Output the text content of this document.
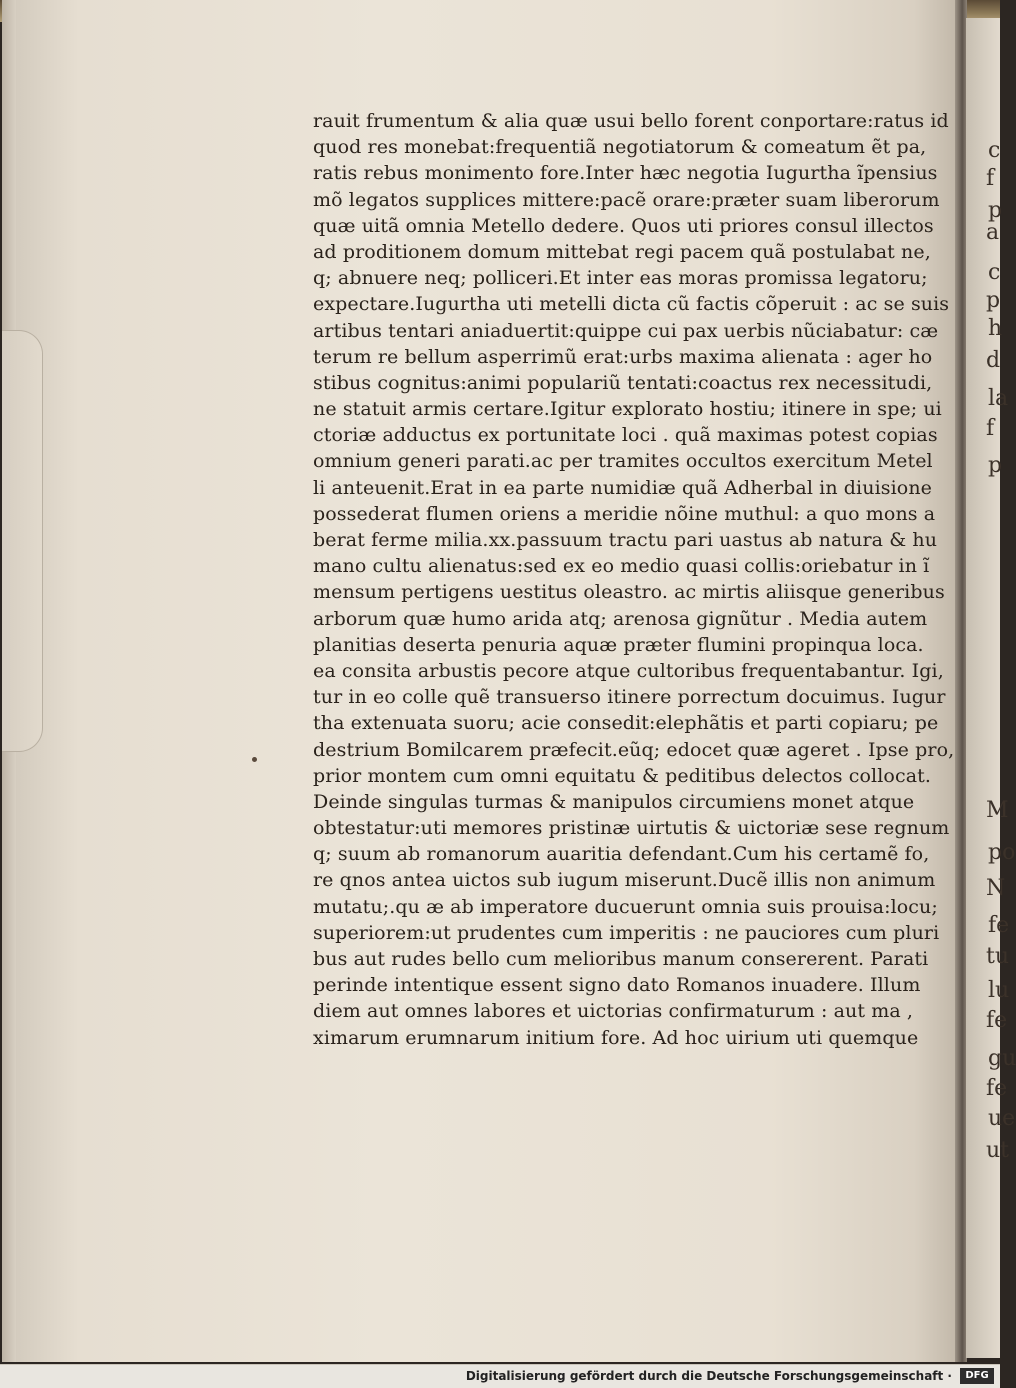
rauit frumentum & alia quæ usui bello forent conportare:ratus id
quod res monebat:frequentiã negotiatorum & comeatum ẽt pa,
ratis rebus monimento fore.Inter hæc negotia Iugurtha ĩpensius
mõ legatos supplices mittere:pacẽ orare:præter suam liberorum
quæ uitã omnia Metello dedere. Quos uti priores consul illectos
ad proditionem domum mittebat regi pacem quã postulabat ne,
q; abnuere neq; polliceri.Et inter eas moras promissa legatoru;
expectare.Iugurtha uti metelli dicta cũ factis cõperuit : ac se suis
artibus tentari aniaduertit:quippe cui pax uerbis nũciabatur: cæ
terum re bellum asperrimũ erat:urbs maxima alienata : ager ho
stibus cognitus:animi populariũ tentati:coactus rex necessitudi,
ne statuit armis certare.Igitur explorato hostiu; itinere in spe; ui
ctoriæ adductus ex portunitate loci . quã maximas potest copias
omnium generi parati.ac per tramites occultos exercitum Metel
li anteuenit.Erat in ea parte numidiæ quã Adherbal in diuisione
possederat flumen oriens a meridie nõine muthul: a quo mons a
berat ferme milia.xx.passuum tractu pari uastus ab natura & hu
mano cultu alienatus:sed ex eo medio quasi collis:oriebatur in ĩ
mensum pertigens uestitus oleastro. ac mirtis aliisque generibus
arborum quæ humo arida atq; arenosa gignũtur . Media autem
planitias deserta penuria aquæ præter flumini propinqua loca.
ea consita arbustis pecore atque cultoribus frequentabantur. Igi,
tur in eo colle quẽ transuerso itinere porrectum docuimus. Iugur
tha extenuata suoru; acie consedit:elephãtis et parti copiaru; pe
destrium Bomilcarem præfecit.eũq; edocet quæ ageret . Ipse pro,
prior montem cum omni equitatu & peditibus delectos collocat.
Deinde singulas turmas & manipulos circumiens monet atque
obtestatur:uti memores pristinæ uirtutis & uictoriæ sese regnum
q; suum ab romanorum auaritia defendant.Cum his certamẽ fo,
re qnos antea uictos sub iugum miserunt.Ducẽ illis non animum
mutatu;.qu æ ab imperatore ducuerunt omnia suis prouisa:locu;
superiorem:ut prudentes cum imperitis : ne pauciores cum pluri
bus aut rudes bello cum melioribus manum consererent. Parati
perinde intentique essent signo dato Romanos inuadere. Illum
diem aut omnes labores et uictorias confirmaturum : aut ma ,
ximarum erumnarum initium fore. Ad hoc uirium uti quemque
c
f
p
a
c
p
h
d
la
f
p
M
po
N
fe
tu
lu
fe
gu
fe
ue
ut
Digitalisierung gefördert durch die Deutsche Forschungsgemeinschaft ·	DFG
